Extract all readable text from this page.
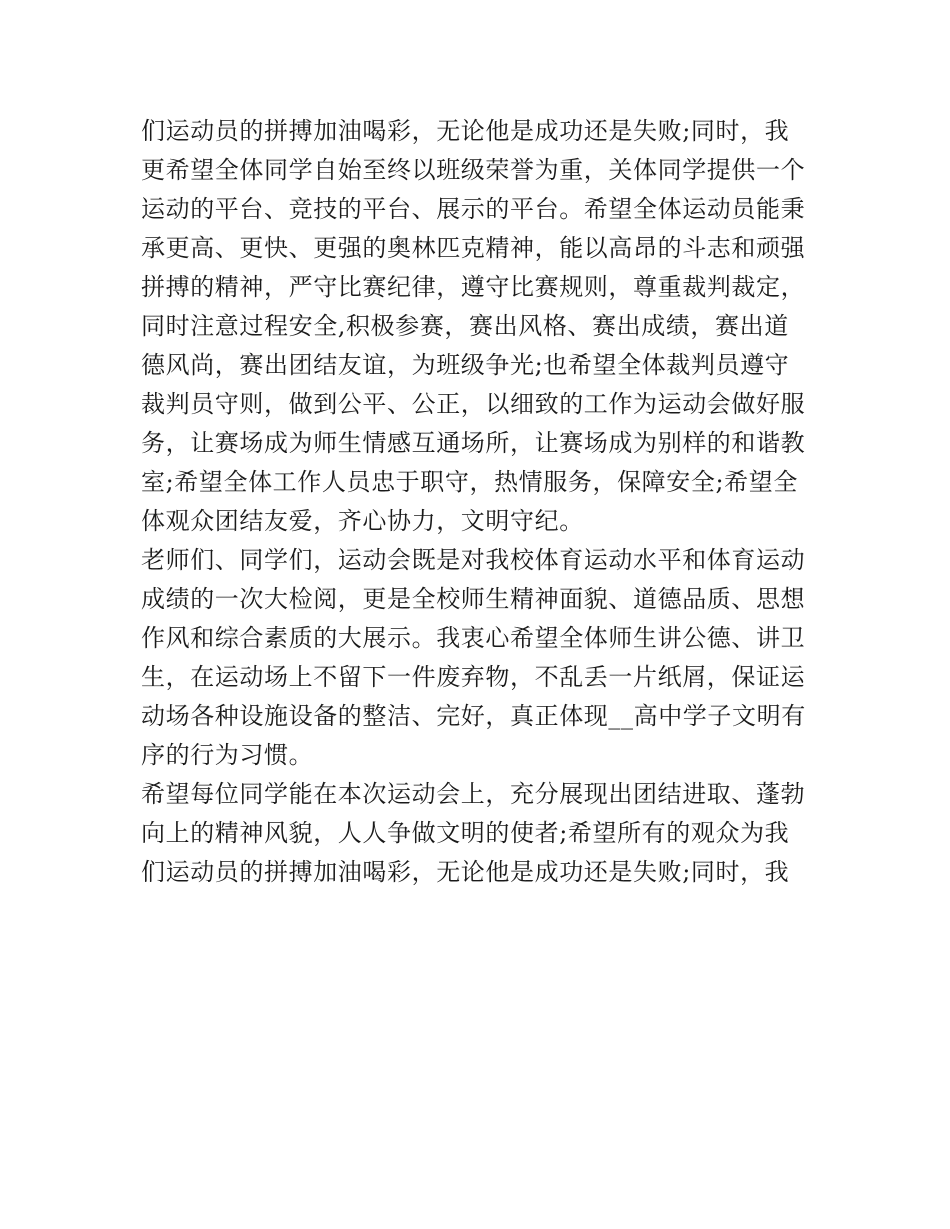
们运动员的拼搏加油喝彩，无论他是成功还是失败;同时，我
更希望全体同学自始至终以班级荣誉为重，关体同学提供一个
运动的平台、竞技的平台、展示的平台。希望全体运动员能秉
承更高、更快、更强的奥林匹克精神，能以高昂的斗志和顽强
拼搏的精神，严守比赛纪律，遵守比赛规则，尊重裁判裁定，
同时注意过程安全,积极参赛，赛出风格、赛出成绩，赛出道
德风尚，赛出团结友谊，为班级争光;也希望全体裁判员遵守
裁判员守则，做到公平、公正，以细致的工作为运动会做好服
务，让赛场成为师生情感互通场所，让赛场成为别样的和谐教
室;希望全体工作人员忠于职守，热情服务，保障安全;希望全
体观众团结友爱，齐心协力，文明守纪。
老师们、同学们，运动会既是对我校体育运动水平和体育运动
成绩的一次大检阅，更是全校师生精神面貌、道德品质、思想
作风和综合素质的大展示。我衷心希望全体师生讲公德、讲卫
生，在运动场上不留下一件废弃物，不乱丢一片纸屑，保证运
动场各种设施设备的整洁、完好，真正体现__高中学子文明有
序的行为习惯。
希望每位同学能在本次运动会上，充分展现出团结进取、蓬勃
向上的精神风貌，人人争做文明的使者;希望所有的观众为我
们运动员的拼搏加油喝彩，无论他是成功还是失败;同时，我
